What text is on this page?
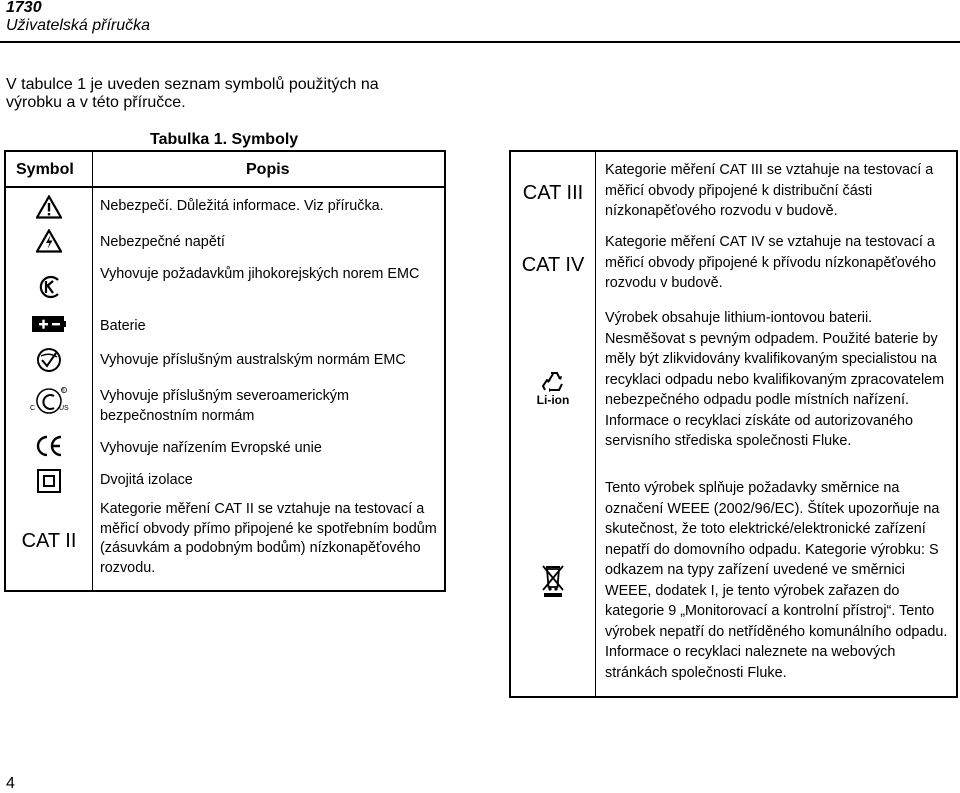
1730
Uživatelská příručka
V tabulce 1 je uveden seznam symbolů použitých na výrobku a v této příručce.
Tabulka 1. Symboly
Symbol	Popis
Nebezpečí. Důležitá informace. Viz příručka.
Nebezpečné napětí
Vyhovuje požadavkům jihokorejských norem EMC
Baterie
Vyhovuje příslušným australským normám EMC
C	US
® Vyhovuje příslušným severoamerickým bezpečnostním normám
Vyhovuje nařízením Evropské unie
Dvojitá izolace
CAT II
Kategorie měření CAT II se vztahuje na testovací a měřicí obvody přímo připojené ke spotřebním bodům (zásuvkám a podobným bodům) nízkonapěťového rozvodu.
CAT III
Kategorie měření CAT III se vztahuje na testovací a měřicí obvody připojené k distribuční části nízkonapěťového rozvodu v budově.
CAT IV
Kategorie měření CAT IV se vztahuje na testovací a měřicí obvody připojené k přívodu nízkonapěťového rozvodu v budově.
Li-ion
Výrobek obsahuje lithium-iontovou baterii. Nesměšovat s pevným odpadem. Použité baterie by měly být zlikvidovány kvalifikovaným specialistou na recyklaci odpadu nebo kvalifikovaným zpracovatelem nebezpečného odpadu podle místních nařízení. Informace o recyklaci získáte od autorizovaného servisního střediska společnosti Fluke.
Tento výrobek splňuje požadavky směrnice na označení WEEE (2002/96/EC). Štítek upozorňuje na skutečnost, že toto elektrické/elektronické zařízení nepatří do domovního odpadu. Kategorie výrobku: S odkazem na typy zařízení uvedené ve směrnici WEEE, dodatek I, je tento výrobek zařazen do kategorie 9 „Monitorovací a kontrolní přístroj“. Tento výrobek nepatří do netříděného komunálního odpadu. Informace o recyklaci naleznete na webových stránkách společnosti Fluke.
4
